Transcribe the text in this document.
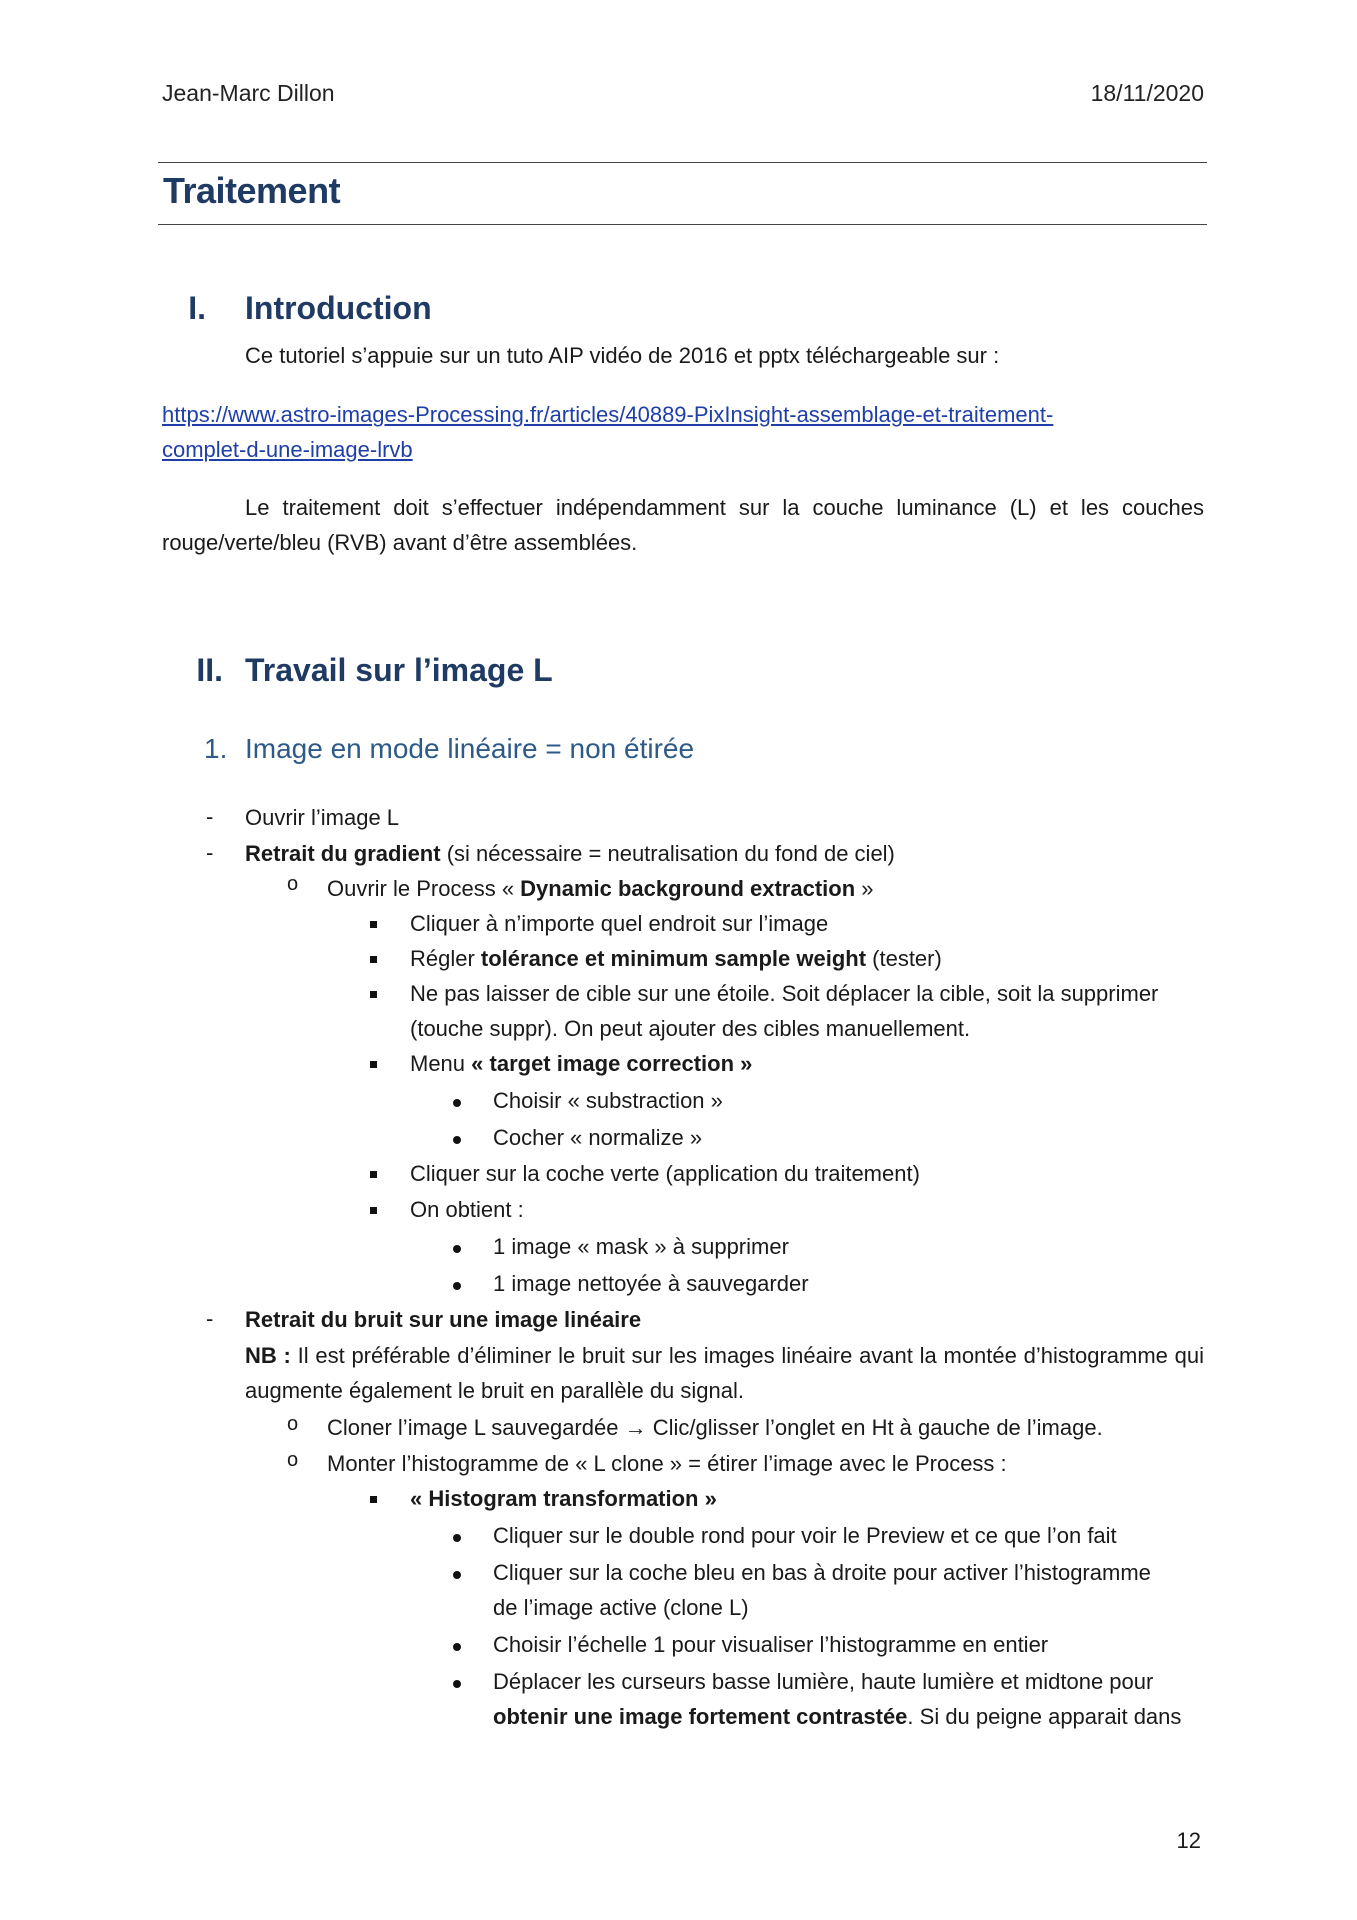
Jean-Marc Dillon	18/11/2020
Traitement
I. Introduction
Ce tutoriel s’appuie sur un tuto AIP vidéo de 2016 et pptx téléchargeable sur :
https://www.astro-images-Processing.fr/articles/40889-PixInsight-assemblage-et-traitement-
complet-d-une-image-lrvb
Le traitement doit s’effectuer indépendamment sur la couche luminance (L) et les couches rouge/verte/bleu (RVB) avant d’être assemblées.
II. Travail sur l’image L
1. Image en mode linéaire = non étirée
- Ouvrir l’image L
- Retrait du gradient (si nécessaire = neutralisation du fond de ciel)
o Ouvrir le Process « Dynamic background extraction »
Cliquer à n’importe quel endroit sur l’image
Régler tolérance et minimum sample weight (tester)
Ne pas laisser de cible sur une étoile. Soit déplacer la cible, soit la supprimer
(touche suppr). On peut ajouter des cibles manuellement.
Menu « target image correction »
Choisir « substraction »
Cocher « normalize »
Cliquer sur la coche verte (application du traitement)
On obtient :
1 image « mask » à supprimer
1 image nettoyée à sauvegarder
- Retrait du bruit sur une image linéaire
NB : Il est préférable d’éliminer le bruit sur les images linéaire avant la montée d’histogramme qui augmente également le bruit en parallèle du signal.
o Cloner l’image L sauvegardée → Clic/glisser l’onglet en Ht à gauche de l’image.
o Monter l’histogramme de « L clone » = étirer l’image avec le Process :
« Histogram transformation »
Cliquer sur le double rond pour voir le Preview et ce que l’on fait
Cliquer sur la coche bleu en bas à droite pour activer l’histogramme
de l’image active (clone L)
Choisir l’échelle 1 pour visualiser l’histogramme en entier
Déplacer les curseurs basse lumière, haute lumière et midtone pour
obtenir une image fortement contrastée. Si du peigne apparait dans
12
